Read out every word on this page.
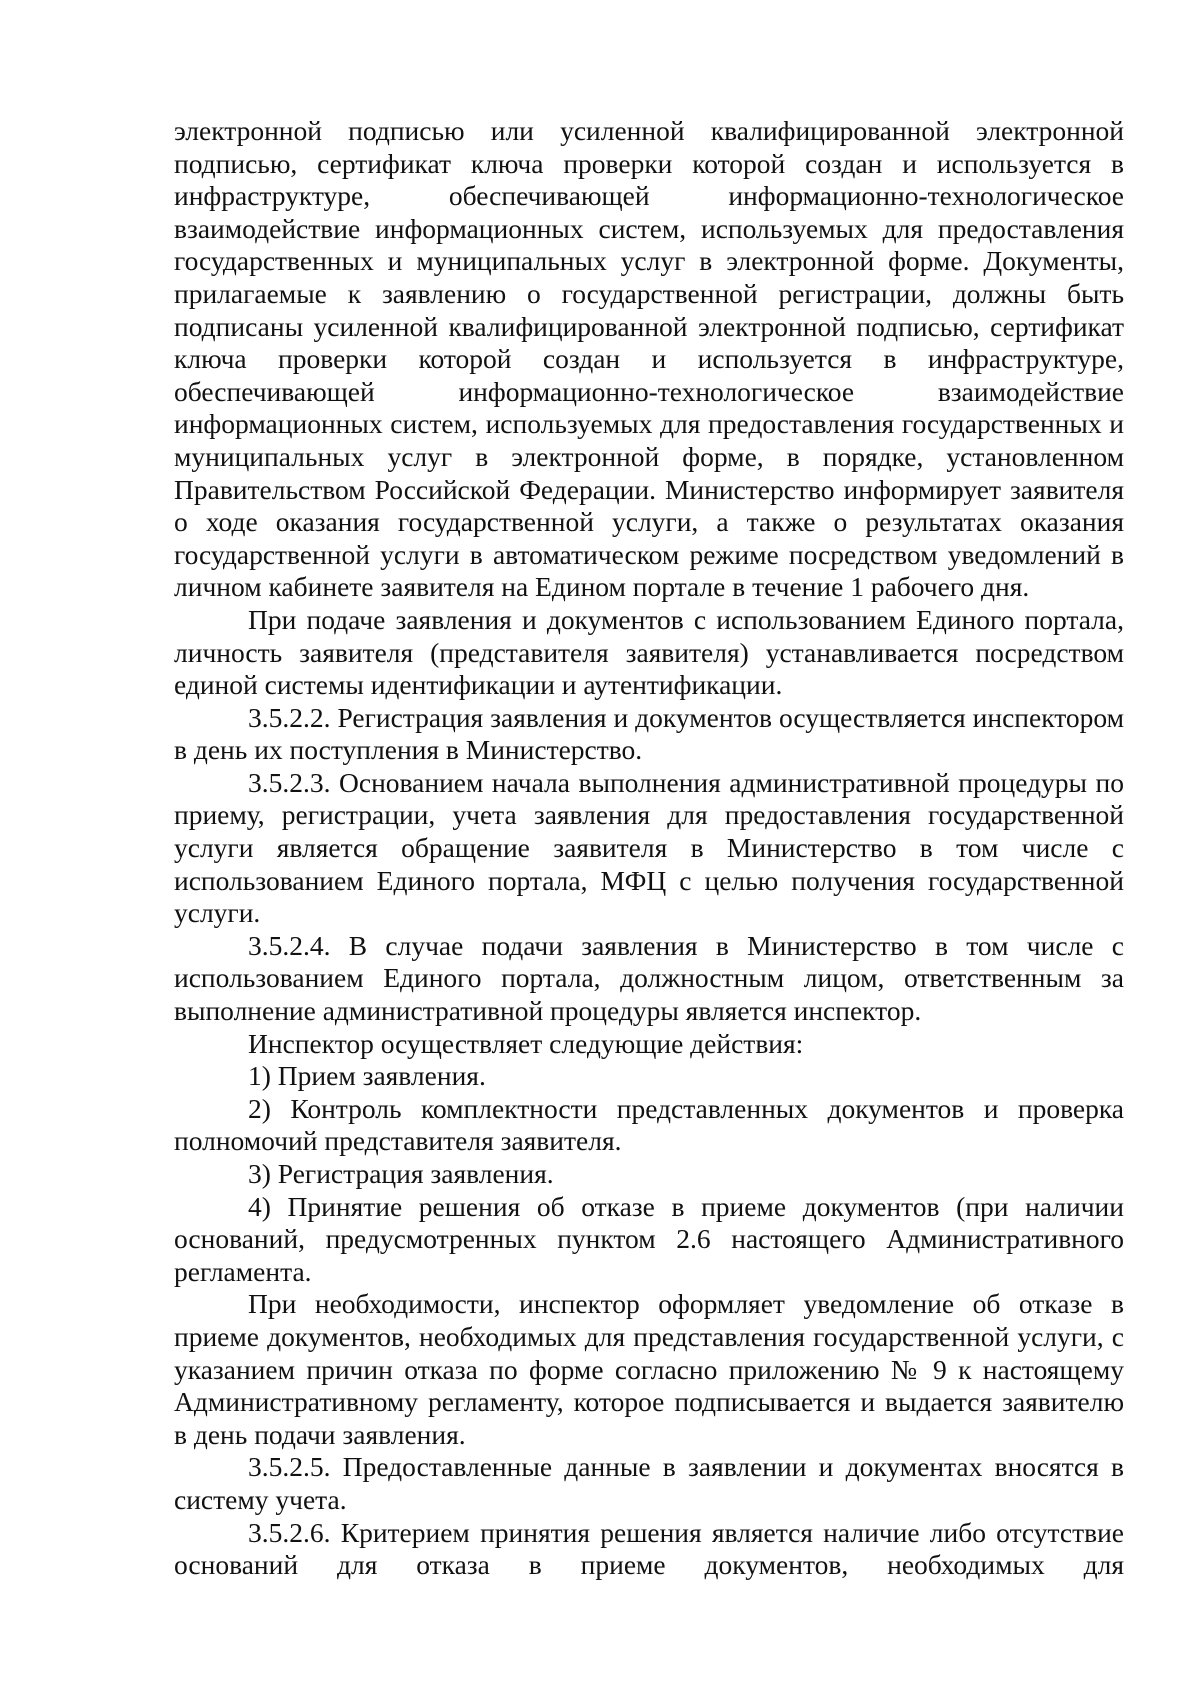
электронной подписью или усиленной квалифицированной электронной подписью, сертификат ключа проверки которой создан и используется в инфраструктуре, обеспечивающей информационно-технологическое взаимодействие информационных систем, используемых для предоставления государственных и муниципальных услуг в электронной форме. Документы, прилагаемые к заявлению о государственной регистрации, должны быть подписаны усиленной квалифицированной электронной подписью, сертификат ключа проверки которой создан и используется в инфраструктуре, обеспечивающей информационно-технологическое взаимодействие информационных систем, используемых для предоставления государственных и муниципальных услуг в электронной форме, в порядке, установленном Правительством Российской Федерации. Министерство информирует заявителя о ходе оказания государственной услуги, а также о результатах оказания государственной услуги в автоматическом режиме посредством уведомлений в личном кабинете заявителя на Едином портале в течение 1 рабочего дня.

При подаче заявления и документов с использованием Единого портала, личность заявителя (представителя заявителя) устанавливается посредством единой системы идентификации и аутентификации.

3.5.2.2. Регистрация заявления и документов осуществляется инспектором в день их поступления в Министерство.

3.5.2.3. Основанием начала выполнения административной процедуры по приему, регистрации, учета заявления для предоставления государственной услуги является обращение заявителя в Министерство в том числе с использованием Единого портала, МФЦ с целью получения государственной услуги.

3.5.2.4. В случае подачи заявления в Министерство в том числе с использованием Единого портала, должностным лицом, ответственным за выполнение административной процедуры является инспектор.

Инспектор осуществляет следующие действия:

1) Прием заявления.

2) Контроль комплектности представленных документов и проверка полномочий представителя заявителя.

3) Регистрация заявления.

4) Принятие решения об отказе в приеме документов (при наличии оснований, предусмотренных пунктом 2.6 настоящего Административного регламента.

При необходимости, инспектор оформляет уведомление об отказе в приеме документов, необходимых для представления государственной услуги, с указанием причин отказа по форме согласно приложению № 9 к настоящему Административному регламенту, которое подписывается и выдается заявителю в день подачи заявления.

3.5.2.5. Предоставленные данные в заявлении и документах вносятся в систему учета.

3.5.2.6. Критерием принятия решения является наличие либо отсутствие оснований для отказа в приеме документов, необходимых для
